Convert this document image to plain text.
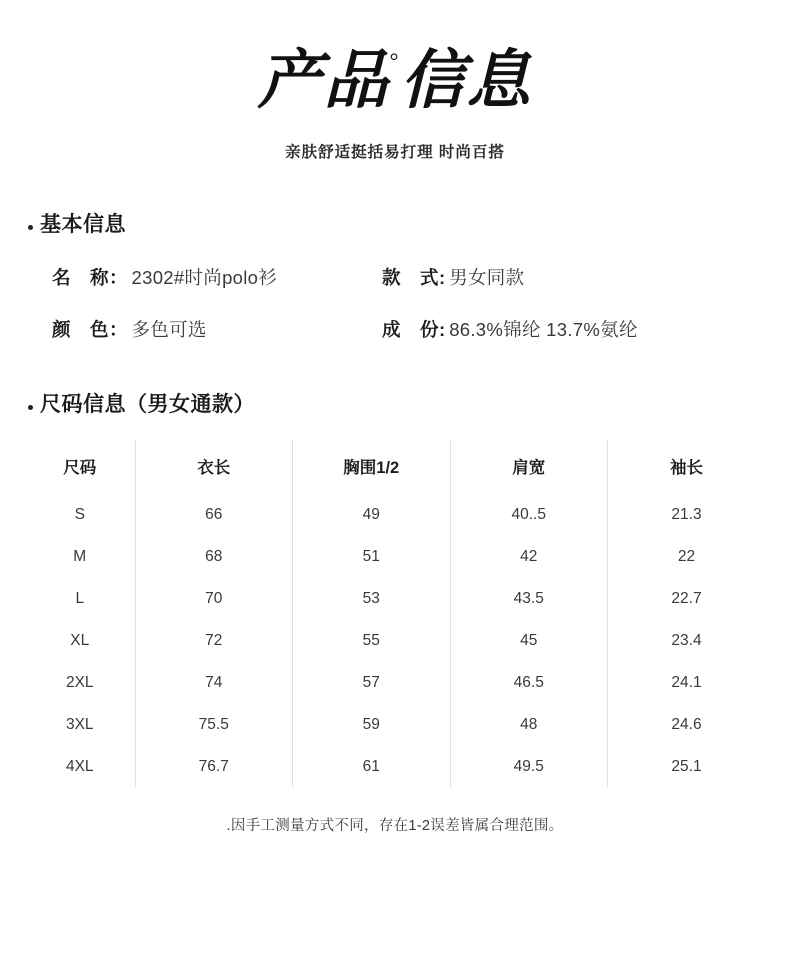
产品°信息
亲肤舒适挺括易打理 时尚百搭
基本信息
名　称 ： 2302#时尚polo衫	款　式 : 男女同款
颜　色 ： 多色可选	成　份 : 86.3%锦纶 13.7%氨纶
尺码信息（男女通款）
尺码	衣长	胸围1/2	肩宽	袖长
S	66	49	40..5	21.3
M	68	51	42	22
L	70	53	43.5	22.7
XL	72	55	45	23.4
2XL	74	57	46.5	24.1
3XL	75.5	59	48	24.6
4XL	76.7	61	49.5	25.1
.因手工测量方式不同，存在1-2误差皆属合理范围。
